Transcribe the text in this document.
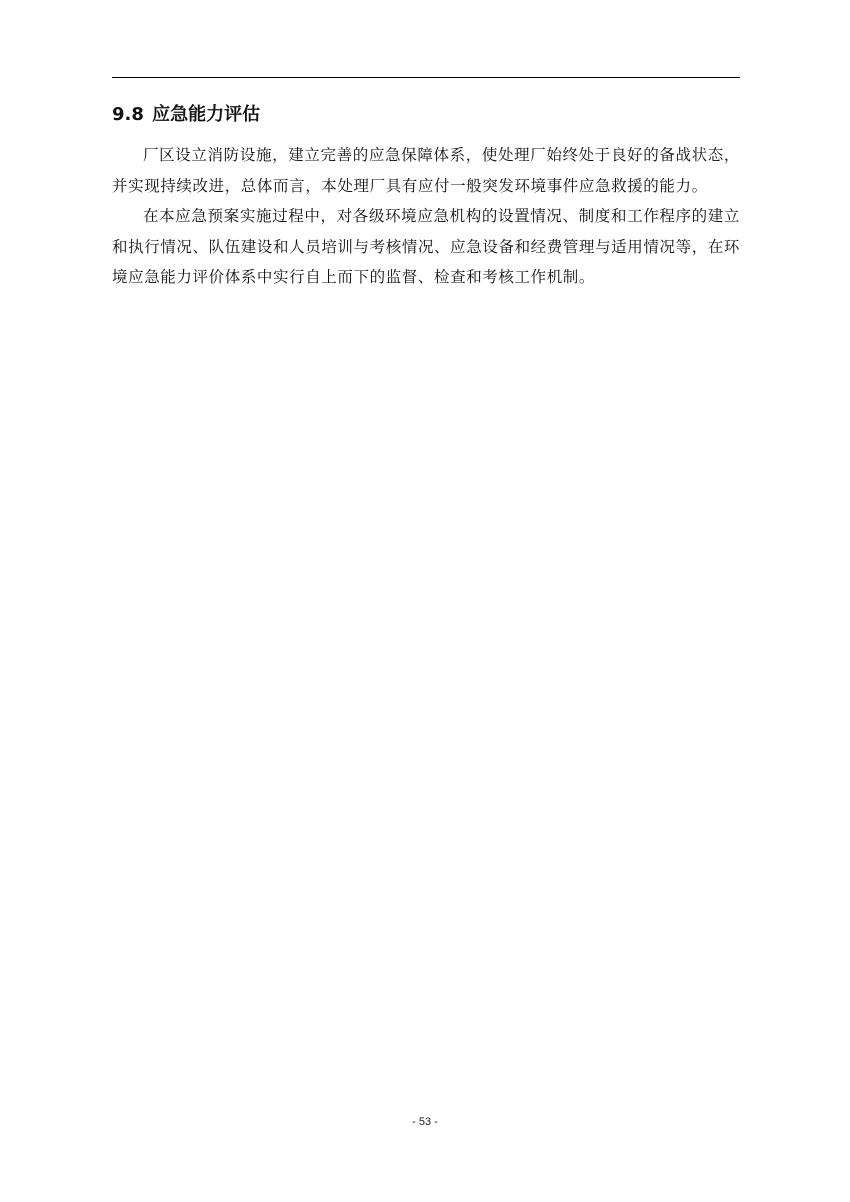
9.8 应急能力评估

厂区设立消防设施，建立完善的应急保障体系，使处理厂始终处于良好的备战状态，并实现持续改进，总体而言，本处理厂具有应付一般突发环境事件应急救援的能力。

在本应急预案实施过程中，对各级环境应急机构的设置情况、制度和工作程序的建立和执行情况、队伍建设和人员培训与考核情况、应急设备和经费管理与适用情况等，在环境应急能力评价体系中实行自上而下的监督、检查和考核工作机制。

- 53 -
